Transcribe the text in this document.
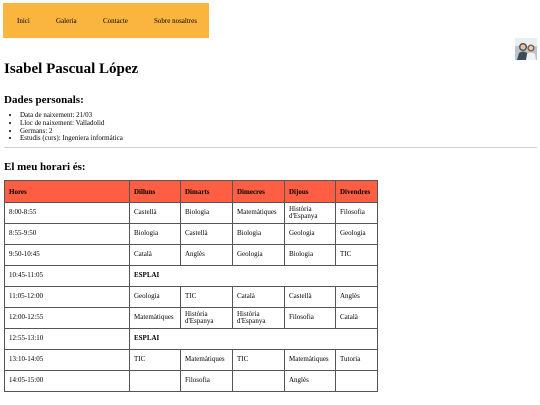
Inici	Galeria	Contacte	Sobre nosaltres
Isabel Pascual López
Dades personals:
• Data de naixement: 21/03
• Lloc de naixement: Valladolid
• Germans: 2
• Estudis (curs): Ingeniera informática
El meu horari és:
Hores	Dilluns	Dimarts	Dimecres	Dijous	Divendres
8:00-8:55	Castellà	Biologia	Matemàtiques	Història d'Espanya	Filosofia
8:55-9:50	Biologia	Castellà	Biologia	Geologia	Geologia
9:50-10:45	Català	Anglès	Geologia	Biologia	TIC
10:45-11:05	ESPLAI				
11:05-12:00	Geologia	TIC	Català	Castellà	Anglès
12:00-12:55	Matemàtiques	Història d'Espanya	Història d'Espanya	Filosofia	Català
12:55-13:10	ESPLAI				
13:10-14:05	TIC	Matemàtiques	TIC	Matemàtiques	Tutoria
14:05-15:00		Filosofia		Anglès	
